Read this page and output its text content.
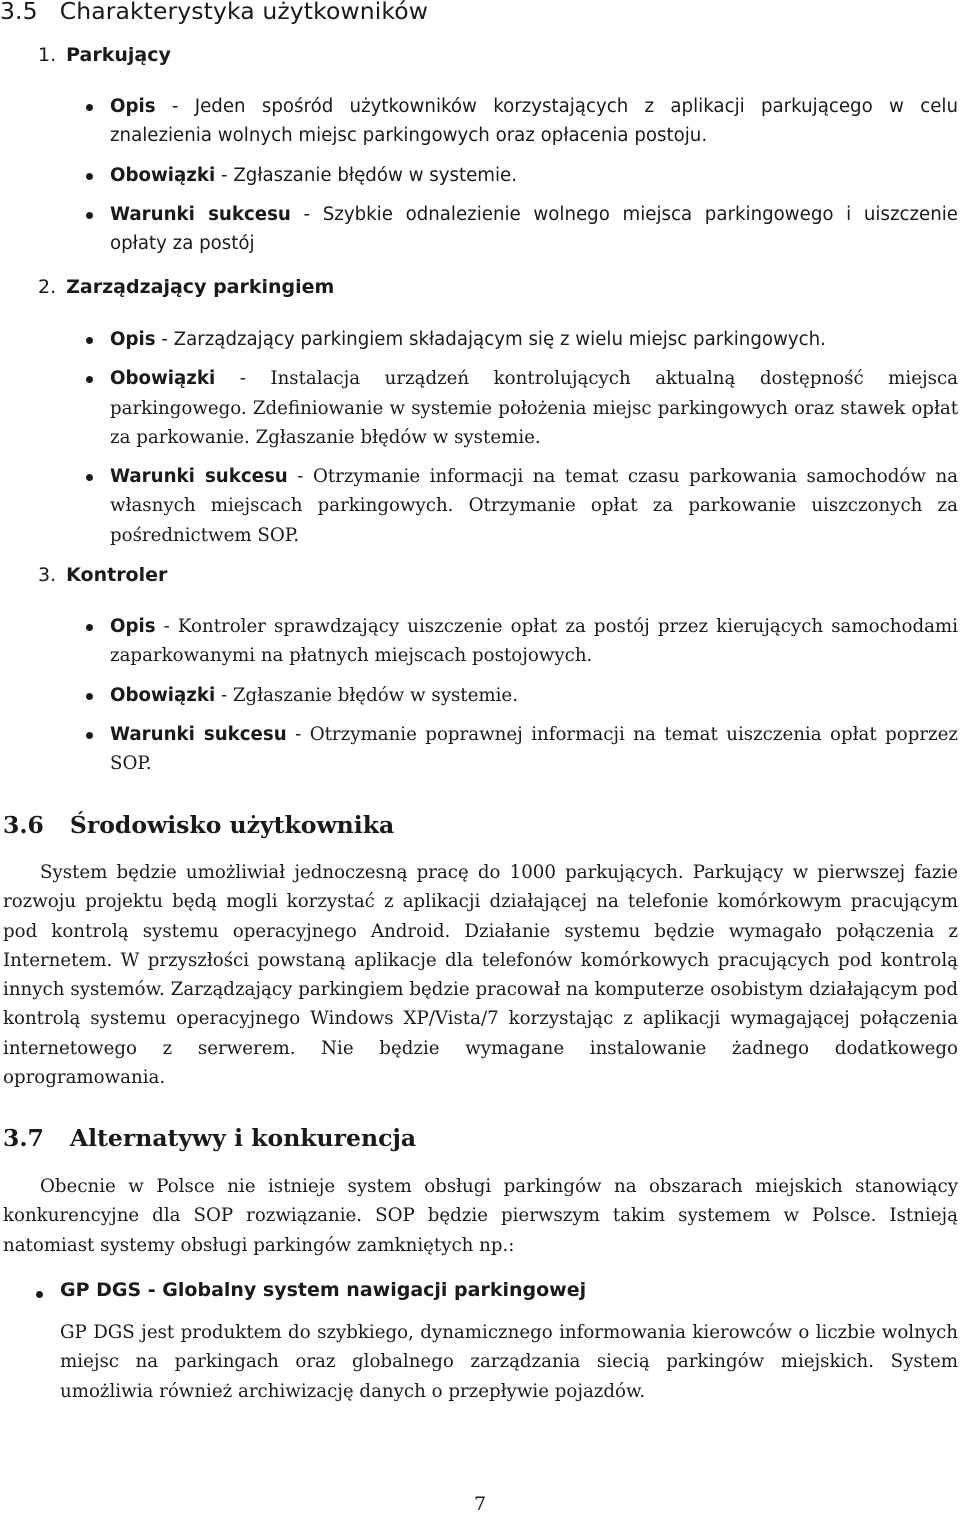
3.5 Charakterystyka użytkowników
1. Parkujący
Opis - Jeden spośród użytkowników korzystających z aplikacji parkującego w celu znalezienia wolnych miejsc parkingowych oraz opłacenia postoju.
Obowiązki - Zgłaszanie błędów w systemie.
Warunki sukcesu - Szybkie odnalezienie wolnego miejsca parkingowego i uiszczenie opłaty za postój
2. Zarządzający parkingiem
Opis - Zarządzający parkingiem składającym się z wielu miejsc parkingowych.
Obowiązki - Instalacja urządzeń kontrolujących aktualną dostępność miejsca parkingowego. Zdefiniowanie w systemie położenia miejsc parkingowych oraz stawek opłat za parkowanie. Zgłaszanie błędów w systemie.
Warunki sukcesu - Otrzymanie informacji na temat czasu parkowania samochodów na własnych miejscach parkingowych. Otrzymanie opłat za parkowanie uiszczonych za pośrednictwem SOP.
3. Kontroler
Opis - Kontroler sprawdzający uiszczenie opłat za postój przez kierujących samochodami zaparkowanymi na płatnych miejscach postojowych.
Obowiązki - Zgłaszanie błędów w systemie.
Warunki sukcesu - Otrzymanie poprawnej informacji na temat uiszczenia opłat poprzez SOP.
3.6 Środowisko użytkownika

System będzie umożliwiał jednoczesną pracę do 1000 parkujących. Parkujący w pierwszej fazie rozwoju projektu będą mogli korzystać z aplikacji działającej na telefonie komórkowym pracującym pod kontrolą systemu operacyjnego Android. Działanie systemu będzie wymagało połączenia z Internetem. W przyszłości powstaną aplikacje dla telefonów komórkowych pracujących pod kontrolą innych systemów. Zarządzający parkingiem będzie pracował na komputerze osobistym działającym pod kontrolą systemu operacyjnego Windows XP/Vista/7 korzystając z aplikacji wymagającej połączenia internetowego z serwerem. Nie będzie wymagane instalowanie żadnego dodatkowego oprogramowania.

3.7 Alternatywy i konkurencja

Obecnie w Polsce nie istnieje system obsługi parkingów na obszarach miejskich stanowiący konkurencyjne dla SOP rozwiązanie. SOP będzie pierwszym takim systemem w Polsce. Istnieją natomiast systemy obsługi parkingów zamkniętych np.:

GP DGS - Globalny system nawigacji parkingowej

GP DGS jest produktem do szybkiego, dynamicznego informowania kierowców o liczbie wolnych miejsc na parkingach oraz globalnego zarządzania siecią parkingów miejskich. System umożliwia również archiwizację danych o przepływie pojazdów.

7
